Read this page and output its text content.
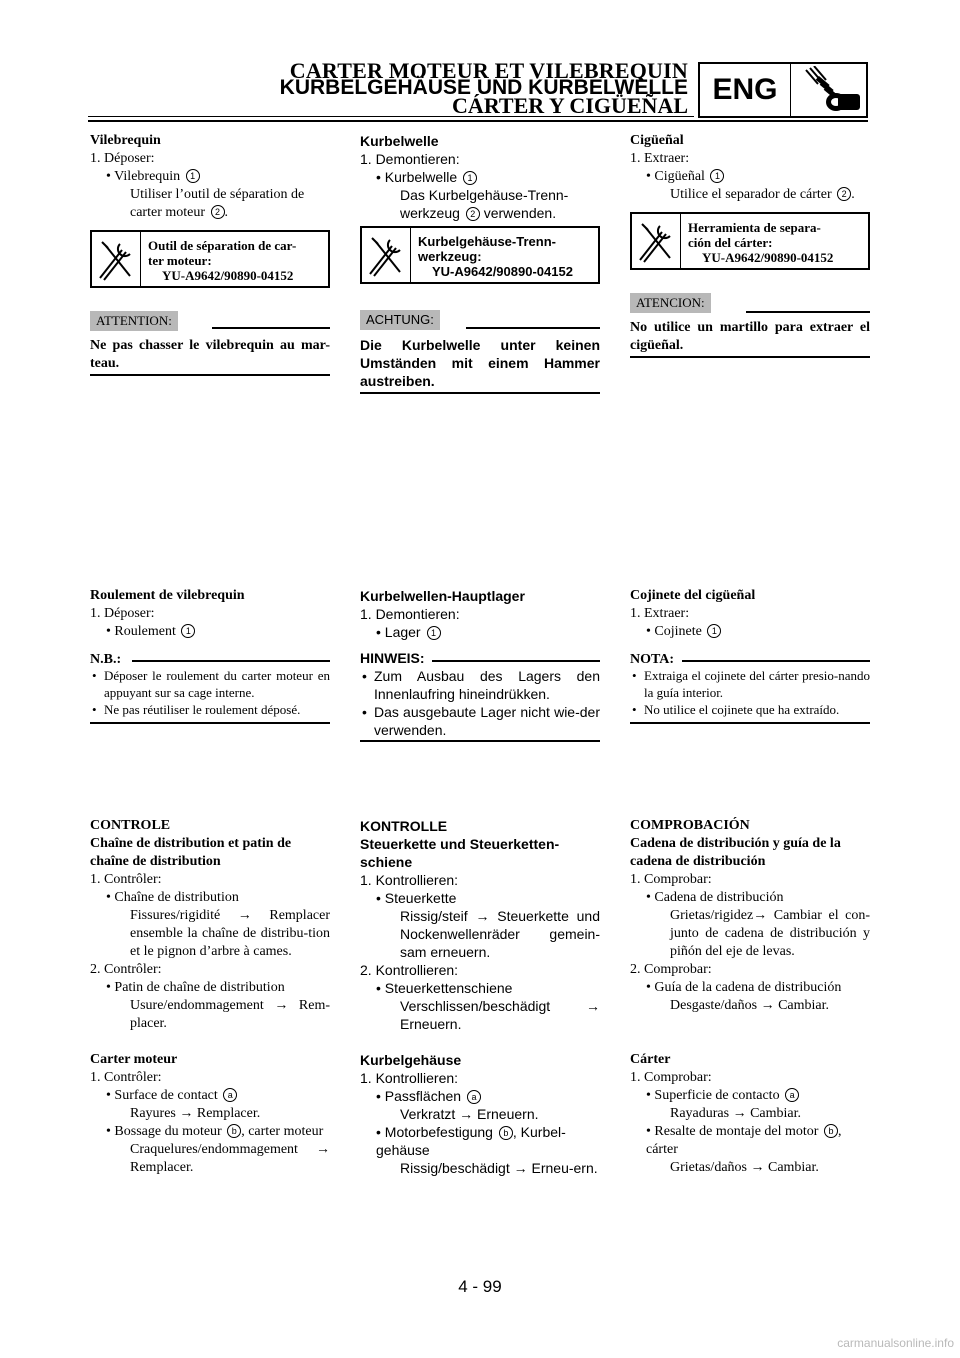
CARTER MOTEUR ET VILEBREQUIN
KURBELGEHÄUSE UND KURBELWELLE
CÁRTER Y CIGÜEÑAL ENG
Vilebrequin
1. Déposer:
• Vilebrequin 1
Utiliser l’outil de séparation de
carter moteur 2 .
Outil de séparation de car-
ter moteur:
YU-A9642/90890-04152
ATTENTION:
Ne pas chasser le vilebrequin au mar-teau.
Roulement de vilebrequin
1. Déposer:
• Roulement 1
N.B.:
• Déposer le roulement du carter moteur en appuyant sur sa cage interne.
• Ne pas réutiliser le roulement déposé.
CONTROLE
Chaîne de distribution et patin de
chaîne de distribution
1. Contrôler:
• Chaîne de distribution
Fissures/rigidité → Remplacer ensemble la chaîne de distribu-tion et le pignon d’arbre à cames.
2. Contrôler:
• Patin de chaîne de distribution
Usure/endommagement → Rem-placer.
Carter moteur
1. Contrôler:
• Surface de contact a
Rayures → Remplacer.
• Bossage du moteur b , carter moteur
Craquelures/endommagement → Remplacer.
Kurbelwelle
1. Demontieren:
• Kurbelwelle 1
Das Kurbelgehäuse-Trenn-
werkzeug 2 verwenden.
Kurbelgehäuse-Trenn-
werkzeug:
YU-A9642/90890-04152
ACHTUNG:
Die Kurbelwelle unter keinen Umständen mit einem Hammer austreiben.
Kurbelwellen-Hauptlager
1. Demontieren:
• Lager 1
HINWEIS:
• Zum Ausbau des Lagers den Innenlaufring hineindrükken.
• Das ausgebaute Lager nicht wie-der verwenden.
KONTROLLE
Steuerkette und Steuerketten-
schiene
1. Kontrollieren:
• Steuerkette
Rissig/steif → Steuerkette und Nockenwellenräder gemein-sam erneuern.
2. Kontrollieren:
• Steuerkettenschiene
Verschlissen/beschädigt → Erneuern.
Kurbelgehäuse
1. Kontrollieren:
• Passflächen a
Verkratzt → Erneuern.
• Motorbefestigung b , Kurbel-gehäuse
Rissig/beschädigt → Erneu-ern.
Cigüeñal
1. Extraer:
• Cigüeñal 1
Utilice el separador de cárter 2 .
Herramienta de separa-
ción del cárter:
YU-A9642/90890-04152
ATENCION:
No utilice un martillo para extraer el cigüeñal.
Cojinete del cigüeñal
1. Extraer:
• Cojinete 1
NOTA:
• Extraiga el cojinete del cárter presio-nando la guía interior.
• No utilice el cojinete que ha extraído.
COMPROBACIÓN
Cadena de distribución y guía de la
cadena de distribución
1. Comprobar:
• Cadena de distribución
Grietas/rigidez→ Cambiar el con-junto de cadena de distribución y piñón del eje de levas.
2. Comprobar:
• Guía de la cadena de distribución
Desgaste/daños → Cambiar.
Cárter
1. Comprobar:
• Superficie de contacto a
Rayaduras → Cambiar.
• Resalte de montaje del motor b , cárter
Grietas/daños → Cambiar.
4 - 99
carmanualsonline.info
